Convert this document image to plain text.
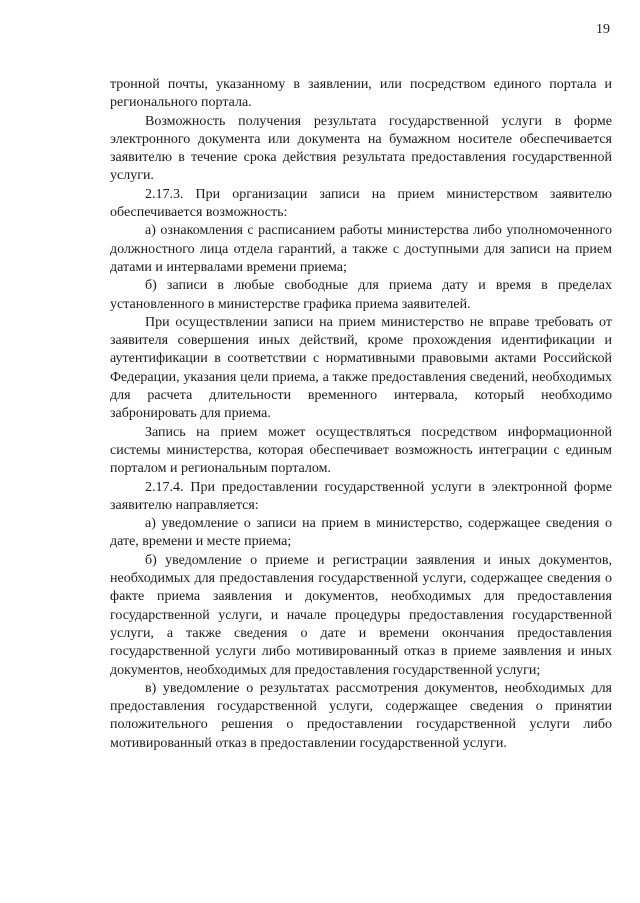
19

тронной почты, указанному в заявлении, или посредством единого портала и регионального портала.

Возможность получения результата государственной услуги в форме электронного документа или документа на бумажном носителе обеспечивается заявителю в течение срока действия результата предоставления государственной услуги.

2.17.3. При организации записи на прием министерством заявителю обеспечивается возможность:

а) ознакомления с расписанием работы министерства либо уполномоченного должностного лица отдела гарантий, а также с доступными для записи на прием датами и интервалами времени приема;

б) записи в любые свободные для приема дату и время в пределах установленного в министерстве графика приема заявителей.

При осуществлении записи на прием министерство не вправе требовать от заявителя совершения иных действий, кроме прохождения идентификации и аутентификации в соответствии с нормативными правовыми актами Российской Федерации, указания цели приема, а также предоставления сведений, необходимых для расчета длительности временного интервала, который необходимо забронировать для приема.

Запись на прием может осуществляться посредством информационной системы министерства, которая обеспечивает возможность интеграции с единым порталом и региональным порталом.

2.17.4. При предоставлении государственной услуги в электронной форме заявителю направляется:

а) уведомление о записи на прием в министерство, содержащее сведения о дате, времени и месте приема;

б) уведомление о приеме и регистрации заявления и иных документов, необходимых для предоставления государственной услуги, содержащее сведения о факте приема заявления и документов, необходимых для предоставления государственной услуги, и начале процедуры предоставления государственной услуги, а также сведения о дате и времени окончания предоставления государственной услуги либо мотивированный отказ в приеме заявления и иных документов, необходимых для предоставления государственной услуги;

в) уведомление о результатах рассмотрения документов, необходимых для предоставления государственной услуги, содержащее сведения о принятии положительного решения о предоставлении государственной услуги либо мотивированный отказ в предоставлении государственной услуги.
